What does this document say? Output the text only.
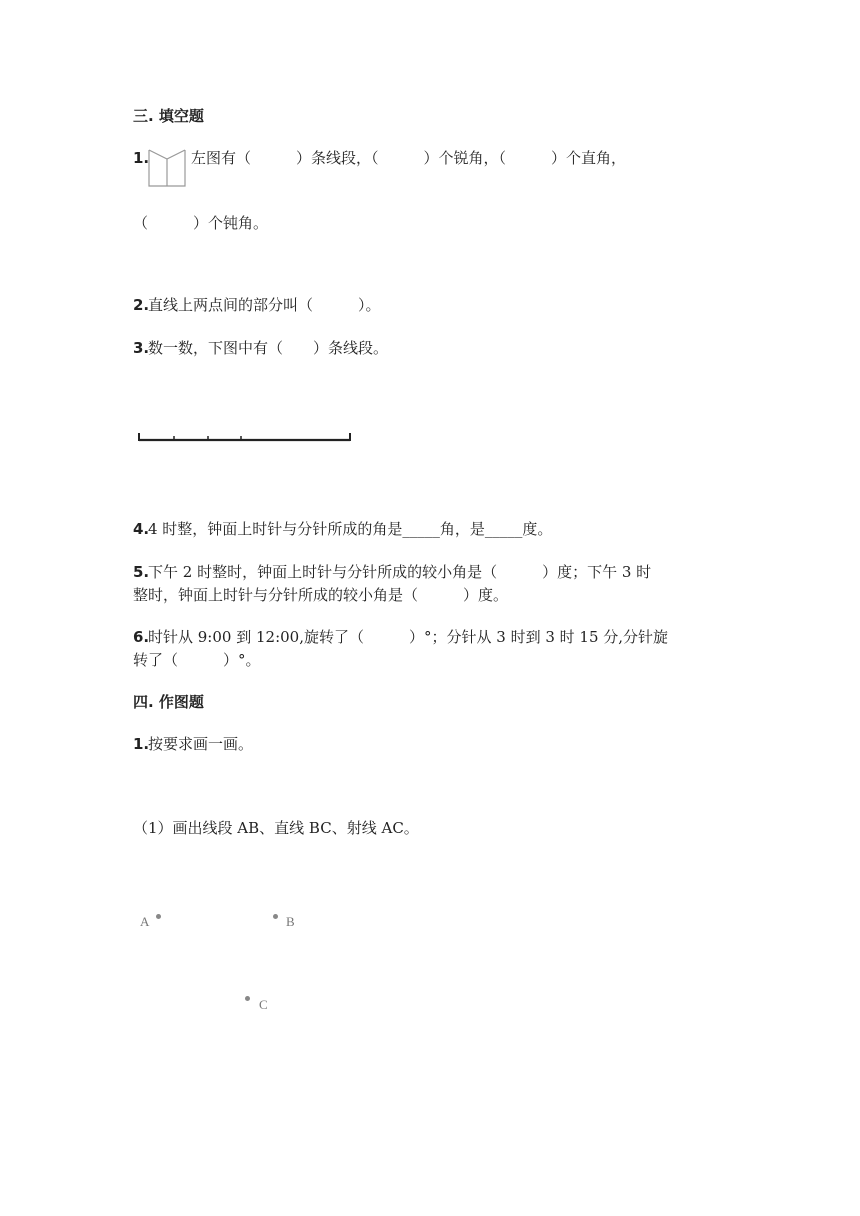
三. 填空题
1.	左图有（　　　）条线段，（　　　）个锐角，（　　　）个直角，
（　　　）个钝角。
2.
直线上两点间的部分叫（　　　）。
3.
数一数，下图中有（　　）条线段。
4.
4 时整，钟面上时针与分针所成的角是_____角，是_____度。
5.
下午 2 时整时，钟面上时针与分针所成的较小角是（　　　）度；下午 3 时
整时，钟面上时针与分针所成的较小角是（　　　）度。
6.
时针从 9:00 到 12:00,旋转了（　　　）°；分针从 3 时到 3 时 15 分,分针旋
转了（　　　）°。
四. 作图题
1.
按要求画一画。
（1）画出线段 AB、直线 BC、射线 AC。
A	B
C
